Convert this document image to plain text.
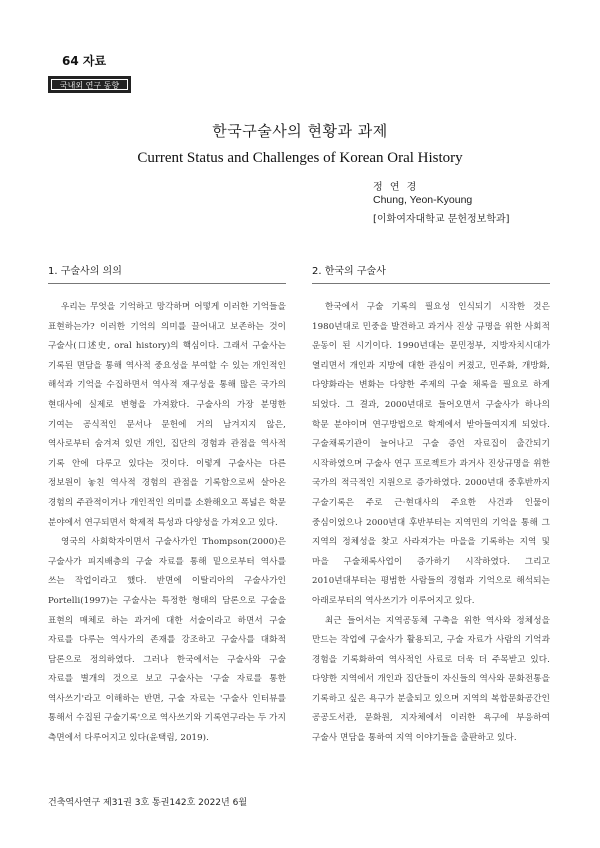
64 자료
국내외 연구 동향
한국구술사의 현황과 과제
Current Status and Challenges of Korean Oral History
정 연 경
Chung, Yeon-Kyoung
[이화여자대학교 문헌정보학과]
1. 구술사의 의의

우리는 무엇을 기억하고 망각하며 어떻게 이러한 기억들을 표현하는가? 이러한 기억의 의미를 끌어내고 보존하는 것이 구술사(口述史, oral history)의 핵심이다. 그래서 구술사는 기록된 면담을 통해 역사적 중요성을 부여할 수 있는 개인적인 해석과 기억을 수집하면서 역사적 재구성을 통해 많은 국가의 현대사에 실제로 변형을 가져왔다. 구술사의 가장 분명한 기여는 공식적인 문서나 문헌에 거의 남겨지지 않은, 역사로부터 숨겨져 있던 개인, 집단의 경험과 관점을 역사적 기록 안에 다루고 있다는 것이다. 이렇게 구술사는 다른 정보원이 놓친 역사적 경험의 관점을 기록함으로써 살아온 경험의 주관적이거나 개인적인 의미를 소환해오고 폭넓은 학문 분야에서 연구되면서 학제적 특성과 다양성을 가져오고 있다.

영국의 사회학자이면서 구술사가인 Thompson(2000)은 구술사가 피지배층의 구술 자료를 통해 밑으로부터 역사를 쓰는 작업이라고 했다. 반면에 이탈리아의 구술사가인 Portelli(1997)는 구술사는 특정한 형태의 담론으로 구술을 표현의 매체로 하는 과거에 대한 서술이라고 하면서 구술 자료를 다루는 역사가의 존재를 강조하고 구술사를 대화적 담론으로 정의하였다. 그러나 한국에서는 구술사와 구술 자료를 별개의 것으로 보고 구술사는 '구술 자료를 통한 역사쓰기'라고 이해하는 반면, 구술 자료는 '구술사 인터뷰를 통해서 수집된 구술기록'으로 역사쓰기와 기록연구라는 두 가지 측면에서 다루어지고 있다(윤택림, 2019).

2. 한국의 구술사

한국에서 구술 기록의 필요성 인식되기 시작한 것은 1980년대로 민중을 발견하고 과거사 진상 규명을 위한 사회적 운동이 된 시기이다. 1990년대는 문민정부, 지방자치시대가 열리면서 개인과 지방에 대한 관심이 커졌고, 민주화, 개방화, 다양화라는 변화는 다양한 주제의 구술 채록을 필요로 하게 되었다. 그 결과, 2000년대로 들어오면서 구술사가 하나의 학문 분야이며 연구방법으로 학계에서 받아들여지게 되었다. 구술채록기관이 늘어나고 구술 증언 자료집이 출간되기 시작하였으며 구술사 연구 프로젝트가 과거사 진상규명을 위한 국가의 적극적인 지원으로 증가하였다. 2000년대 중후반까지 구술기록은 주로 근·현대사의 주요한 사건과 인물이 중심이었으나 2000년대 후반부터는 지역민의 기억을 통해 그 지역의 정체성을 찾고 사라져가는 마을을 기록하는 지역 및 마을 구술채록사업이 증가하기 시작하였다. 그리고 2010년대부터는 평범한 사람들의 경험과 기억으로 해석되는 아래로부터의 역사쓰기가 이루어지고 있다.

최근 들어서는 지역공동체 구축을 위한 역사와 정체성을 만드는 작업에 구술사가 활용되고, 구술 자료가 사람의 기억과 경험을 기록화하여 역사적인 사료로 더욱 더 주목받고 있다. 다양한 지역에서 개인과 집단들이 자신들의 역사와 문화전통을 기록하고 싶은 욕구가 분출되고 있으며 지역의 복합문화공간인 공공도서관, 문화원, 지자체에서 이러한 욕구에 부응하여 구술사 면담을 통하여 지역 이야기들을 출판하고 있다.

건축역사연구 제31권 3호 통권142호 2022년 6월
